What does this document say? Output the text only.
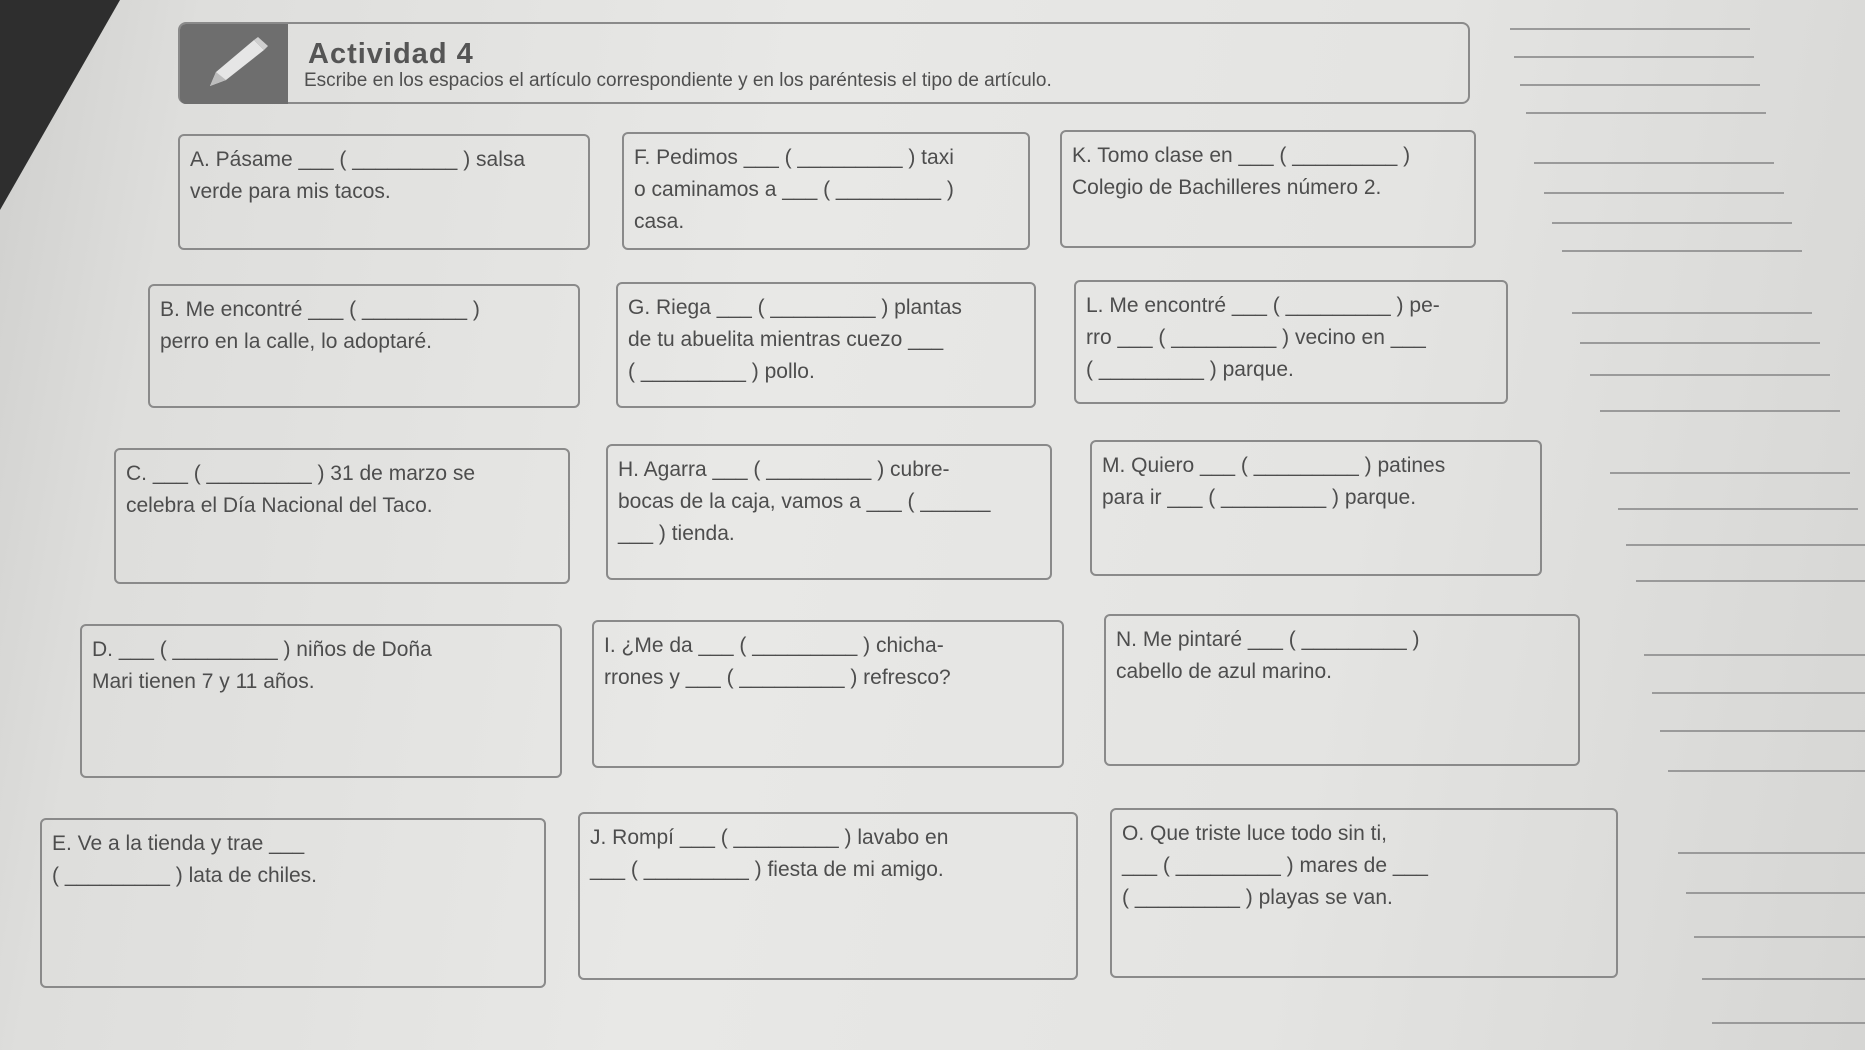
Actividad 4
Escribe en los espacios el artículo correspondiente y en los paréntesis el tipo de artículo.
A. Pásame ___ ( _________ ) salsa
verde para mis tacos.
F. Pedimos ___ ( _________ ) taxi
o caminamos a ___ ( _________ )
casa.
K. Tomo clase en ___ ( _________ )
Colegio de Bachilleres número 2.
B. Me encontré ___ ( _________ )
perro en la calle, lo adoptaré.
G. Riega ___ ( _________ ) plantas
de tu abuelita mientras cuezo ___
( _________ ) pollo.
L. Me encontré ___ ( _________ ) pe-
rro ___ ( _________ ) vecino en ___
( _________ ) parque.
C. ___ ( _________ ) 31 de marzo se
celebra el Día Nacional del Taco.
H. Agarra ___ ( _________ ) cubre-
bocas de la caja, vamos a ___ ( ______
___ ) tienda.
M. Quiero ___ ( _________ ) patines
para ir ___ ( _________ ) parque.
D. ___ ( _________ ) niños de Doña
Mari tienen 7 y 11 años.
I. ¿Me da ___ ( _________ ) chicha-
rrones y ___ ( _________ ) refresco?
N. Me pintaré ___ ( _________ )
cabello de azul marino.
E. Ve a la tienda y trae ___
( _________ ) lata de chiles.
J. Rompí ___ ( _________ ) lavabo en
___ ( _________ ) fiesta de mi amigo.
O. Que triste luce todo sin ti,
___ ( _________ ) mares de ___
( _________ ) playas se van.
